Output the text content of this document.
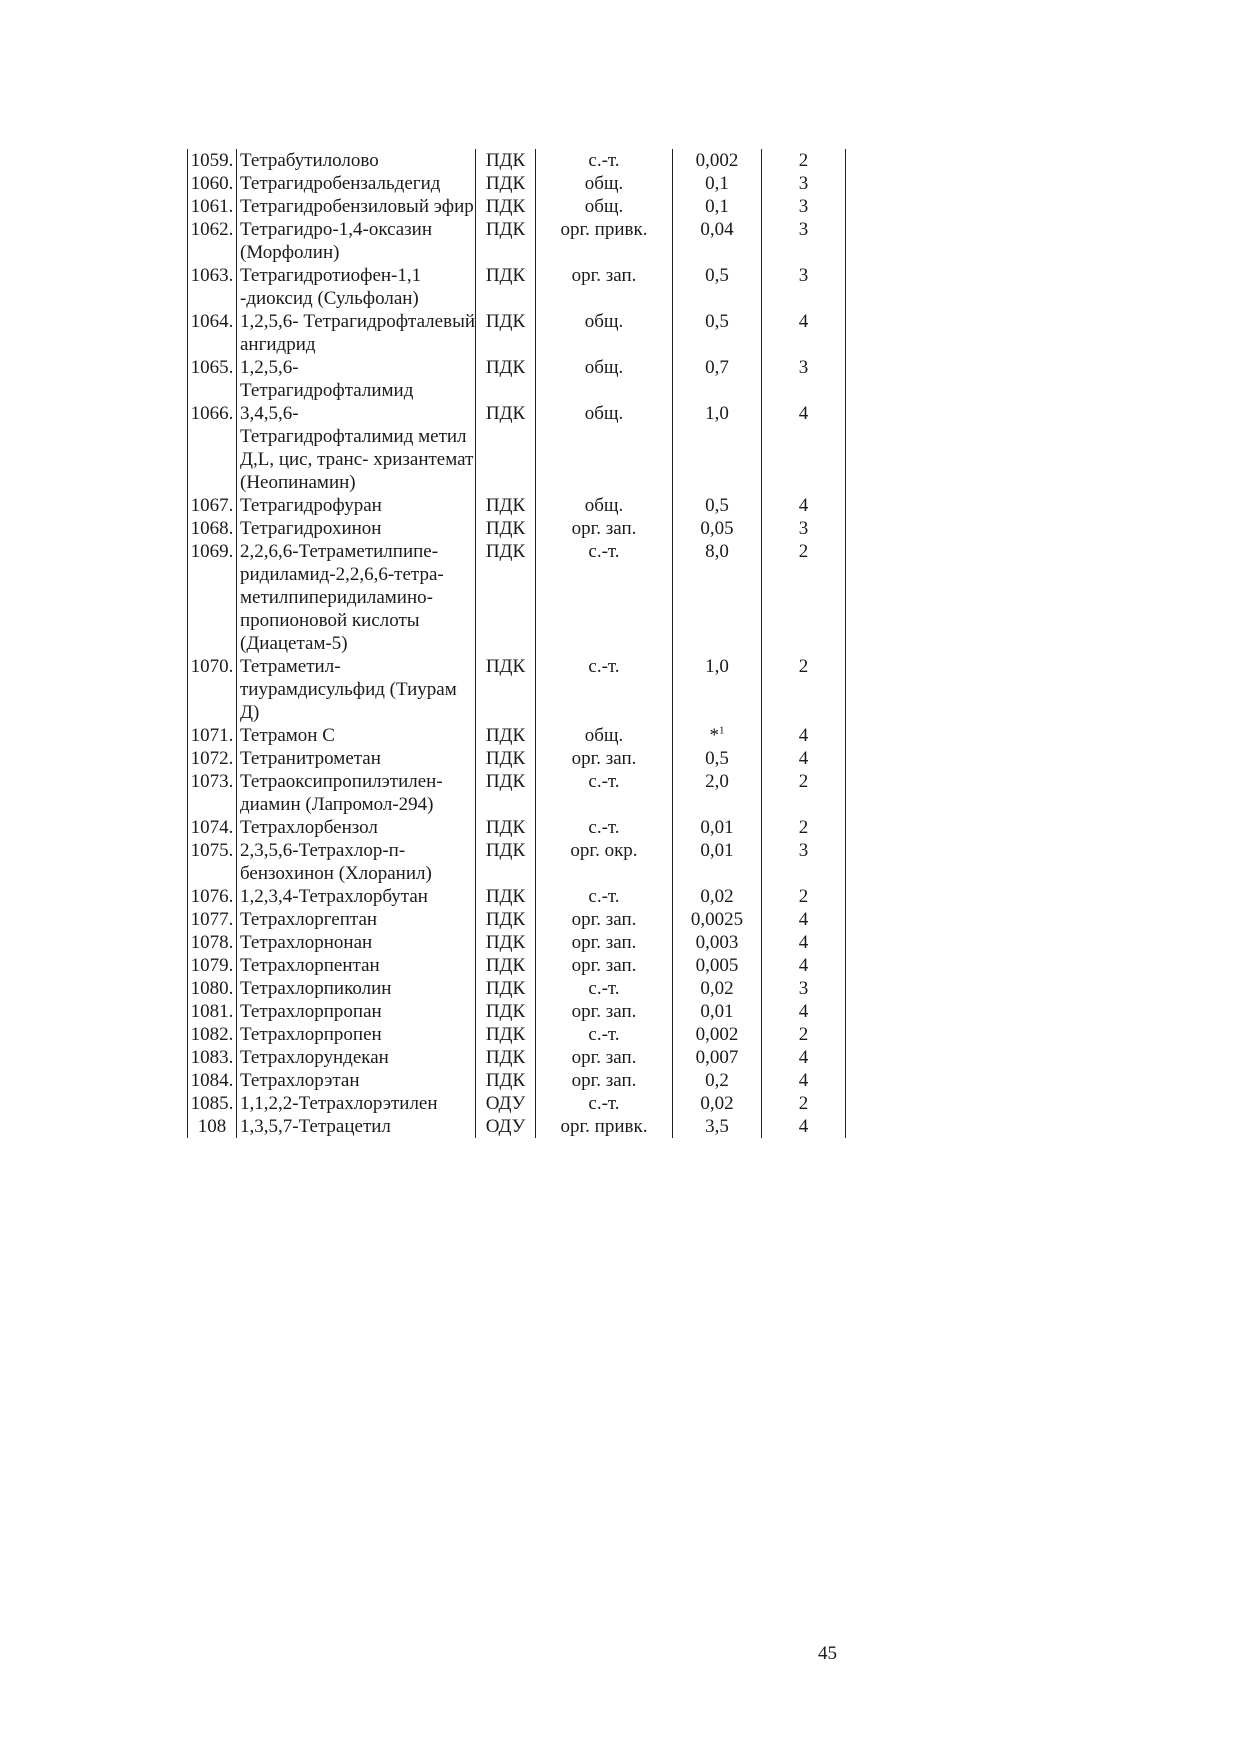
1059.	Тетрабутилолово	ПДК	с.-т.	0,002	2
1060.	Тетрагидробензальдегид	ПДК	общ.	0,1	3
1061.	Тетрагидробензиловый эфир	ПДК	общ.	0,1	3
1062.	Тетрагидро-1,4-оксазин (Морфолин)	ПДК	орг. привк.	0,04	3
1063.	Тетрагидротиофен-1,1 -диоксид (Сульфолан)	ПДК	орг. зап.	0,5	3
1064.	1,2,5,6- Тетрагидрофталевый ангидрид	ПДК	общ.	0,5	4
1065.	1,2,5,6- Тетрагидрофталимид	ПДК	общ.	0,7	3
1066.	3,4,5,6- Тетрагидрофталимид метил Д,L, цис, транс- хризантемат (Неопинамин)	ПДК	общ.	1,0	4
1067.	Тетрагидрофуран	ПДК	общ.	0,5	4
1068.	Тетрагидрохинон	ПДК	орг. зап.	0,05	3
1069.	2,2,6,6-Тетраметилпипе- ридиламид-2,2,6,6-тетра- метилпиперидиламино- пропионовой кислоты (Диацетам-5)	ПДК	с.-т.	8,0	2
1070.	Тетраметил- тиурамдисульфид (Тиурам Д)	ПДК	с.-т.	1,0	2
1071.	Тетрамон С	ПДК	общ.	*$^1$	4
1072.	Тетранитрометан	ПДК	орг. зап.	0,5	4
1073.	Тетраоксипропилэтилен- диамин (Лапромол-294)	ПДК	с.-т.	2,0	2
1074.	Тетрахлорбензол	ПДК	с.-т.	0,01	2
1075.	2,3,5,6-Тетрахлор-п- бензохинон (Хлоранил)	ПДК	орг. окр.	0,01	3
1076.	1,2,3,4-Тетрахлорбутан	ПДК	с.-т.	0,02	2
1077.	Тетрахлоргептан	ПДК	орг. зап.	0,0025	4
1078.	Тетрахлорнонан	ПДК	орг. зап.	0,003	4
1079.	Тетрахлорпентан	ПДК	орг. зап.	0,005	4
1080.	Тетрахлорпиколин	ПДК	с.-т.	0,02	3
1081.	Тетрахлорпропан	ПДК	орг. зап.	0,01	4
1082.	Тетрахлорпропен	ПДК	с.-т.	0,002	2
1083.	Тетрахлорундекан	ПДК	орг. зап.	0,007	4
1084.	Тетрахлорэтан	ПДК	орг. зап.	0,2	4
1085.	1,1,2,2-Тетрахлорэтилен	ОДУ	с.-т.	0,02	2
108	1,3,5,7-Тетрацетил	ОДУ	орг. привк.	3,5	4
45
